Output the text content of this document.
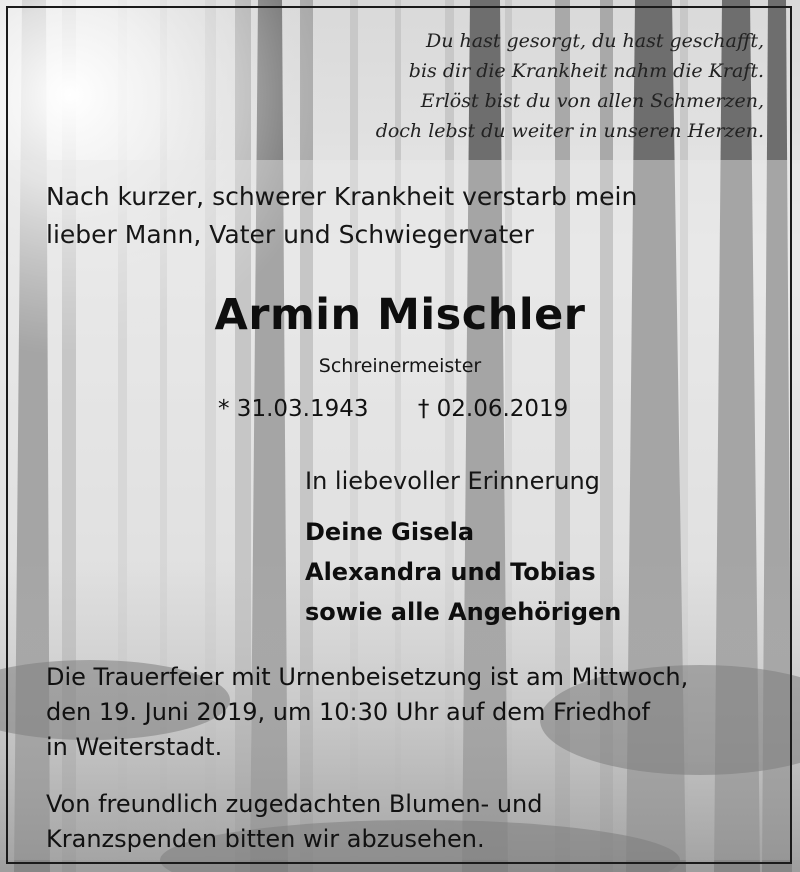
Du hast gesorgt, du hast geschafft,
bis dir die Krankheit nahm die Kraft.
Erlöst bist du von allen Schmerzen,
doch lebst du weiter in unseren Herzen.
Nach kurzer, schwerer Krankheit verstarb mein
lieber Mann, Vater und Schwiegervater
Armin Mischler
Schreinermeister
* 31.03.1943 † 02.06.2019
In liebevoller Erinnerung
Deine Gisela
Alexandra und Tobias
sowie alle Angehörigen
Die Trauerfeier mit Urnenbeisetzung ist am Mittwoch,
den 19. Juni 2019, um 10:30 Uhr auf dem Friedhof
in Weiterstadt.
Von freundlich zugedachten Blumen- und
Kranzspenden bitten wir abzusehen.
